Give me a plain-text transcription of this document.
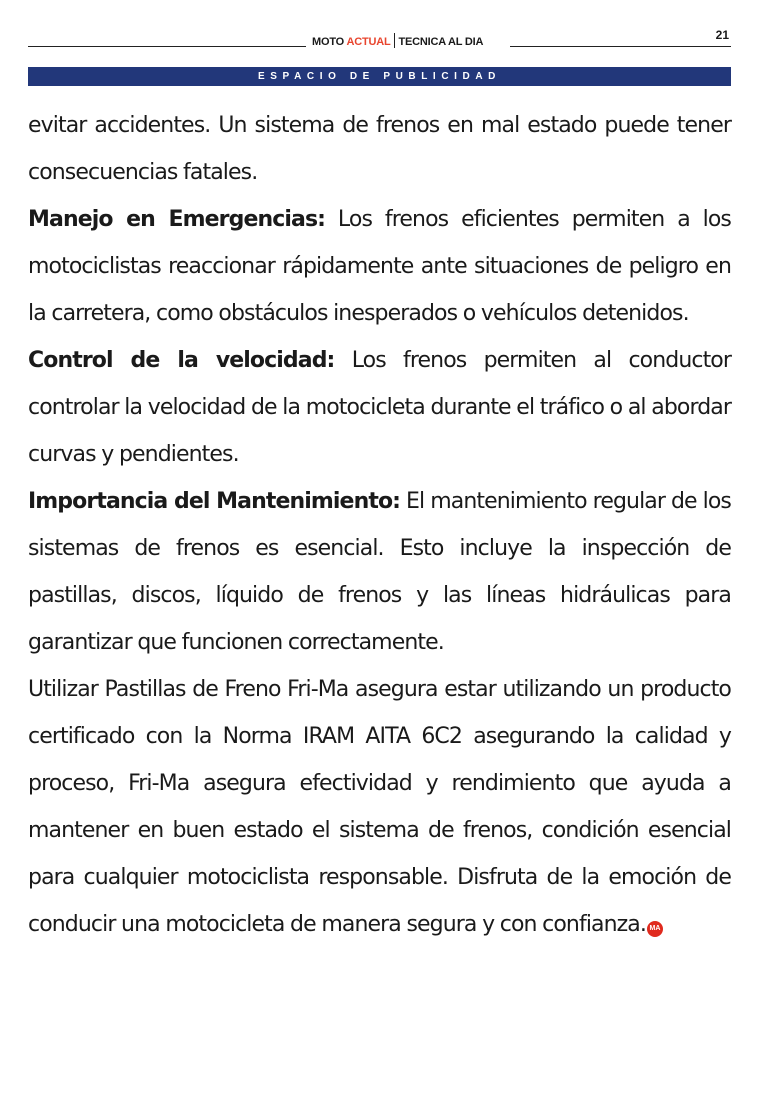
MOTO ACTUAL TECNICA AL DIA	21
ESPACIO DE PUBLICIDAD

evitar accidentes. Un sistema de frenos en mal estado puede tener consecuencias fatales.

Manejo en Emergencias: Los frenos eficientes permiten a los motociclistas reaccionar rápidamente ante situaciones de peligro en la carretera, como obstáculos inesperados o vehículos detenidos.

Control de la velocidad: Los frenos permiten al conductor controlar la velocidad de la motocicleta durante el tráfico o al abordar curvas y pendientes.

Importancia del Mantenimiento: El mantenimiento regular de los sistemas de frenos es esencial. Esto incluye la inspección de pastillas, discos, líquido de frenos y las líneas hidráulicas para garantizar que funcionen correctamente.

Utilizar Pastillas de Freno Fri-Ma asegura estar utilizando un producto certificado con la Norma IRAM AITA 6C2 asegurando la calidad y proceso, Fri-Ma asegura efectividad y rendimiento que ayuda a mantener en buen estado el sistema de frenos, condición esencial para cualquier motociclista responsable. Disfruta de la emoción de conducir una motocicleta de manera segura y con confianza. MA
